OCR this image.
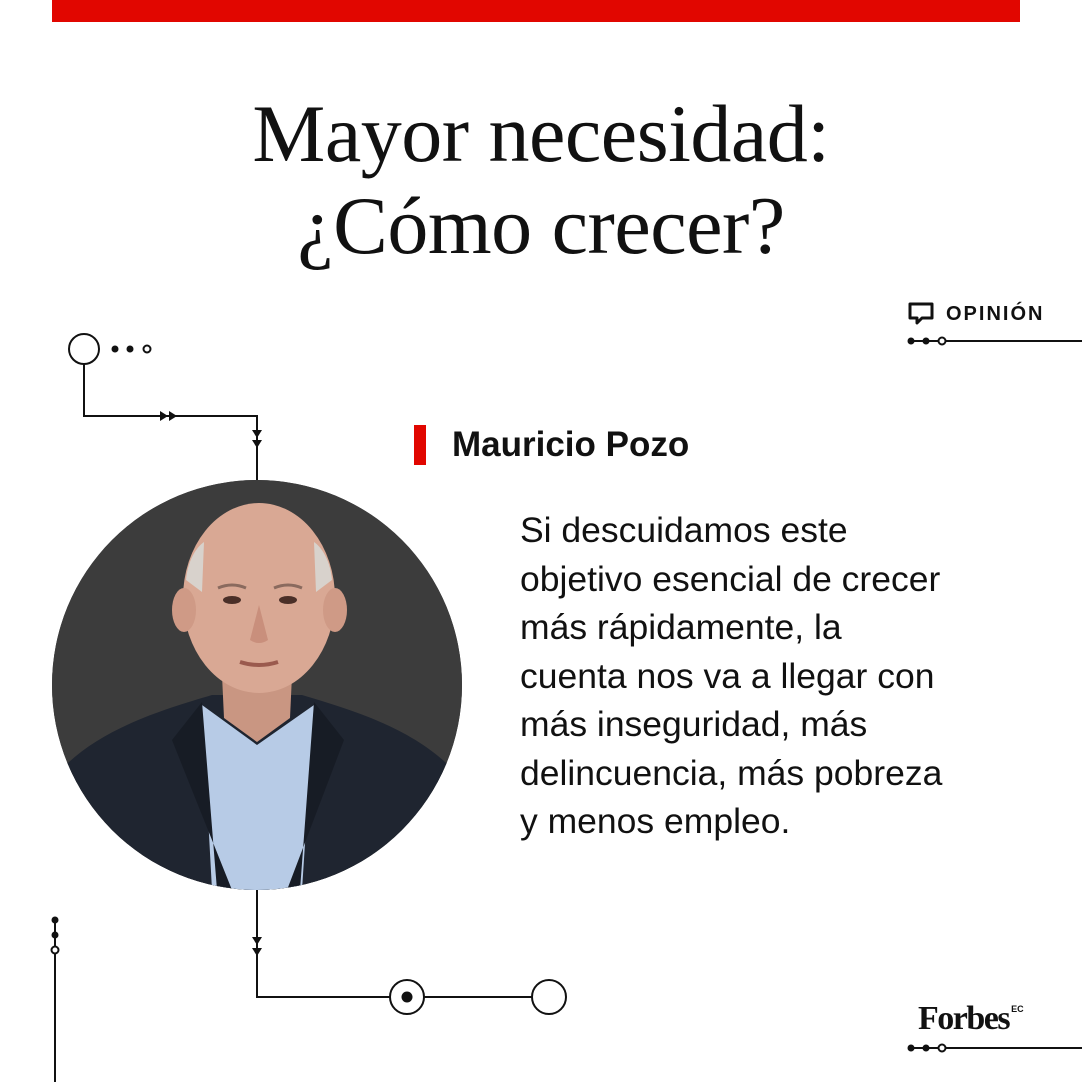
Mayor necesidad:
¿Cómo crecer?
OPINIÓN
Mauricio Pozo

Si descuidamos este
objetivo esencial de crecer
más rápidamente, la
cuenta nos va a llegar con
más inseguridad, más
delincuencia, más pobreza
y menos empleo.

Forbes EC
